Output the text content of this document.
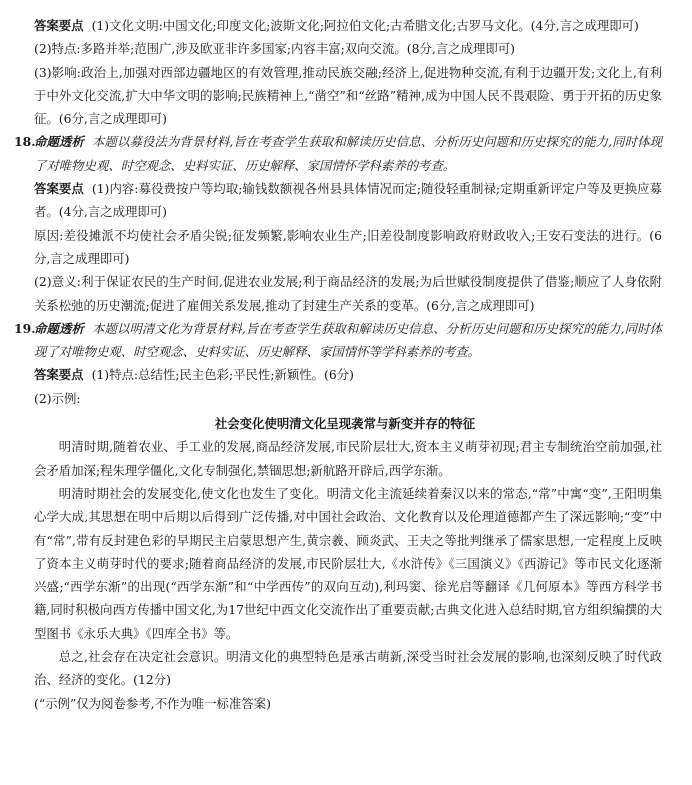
答案要点 (1)文化文明:中国文化;印度文化;波斯文化;阿拉伯文化;古希腊文化;古罗马文化。(4分,言之成理即可)

(2)特点:多路并举;范围广,涉及欧亚非许多国家;内容丰富;双向交流。(8分,言之成理即可)

(3)影响:政治上,加强对西部边疆地区的有效管理,推动民族交融;经济上,促进物种交流,有利于边疆开发;文化上,有利于中外文化交流,扩大中华文明的影响;民族精神上,“凿空”和“丝路”精神,成为中国人民不畏艰险、勇于开拓的历史象征。(6分,言之成理即可)

18.

命题透析 本题以募役法为背景材料,旨在考查学生获取和解读历史信息、分析历史问题和历史探究的能力,同时体现了对唯物史观、时空观念、史料实证、历史解释、家国情怀学科素养的考查。

答案要点 (1)内容:募役费按户等均取;输钱数额视各州县具体情况而定;随役轻重制禄;定期重新评定户等及更换应募者。(4分,言之成理即可)

原因:差役摊派不均使社会矛盾尖锐;征发频繁,影响农业生产;旧差役制度影响政府财政收入;王安石变法的进行。(6分,言之成理即可)

(2)意义:利于保证农民的生产时间,促进农业发展;利于商品经济的发展;为后世赋役制度提供了借鉴;顺应了人身依附关系松弛的历史潮流;促进了雇佣关系发展,推动了封建生产关系的变革。(6分,言之成理即可)

19.

命题透析 本题以明清文化为背景材料,旨在考查学生获取和解读历史信息、分析历史问题和历史探究的能力,同时体现了对唯物史观、时空观念、史料实证、历史解释、家国情怀等学科素养的考查。

答案要点 (1)特点:总结性;民主色彩;平民性;新颖性。(6分)

(2)示例:

社会变化使明清文化呈现袭常与新变并存的特征

明清时期,随着农业、手工业的发展,商品经济发展,市民阶层壮大,资本主义萌芽初现;君主专制统治空前加强,社会矛盾加深;程朱理学僵化,文化专制强化,禁锢思想;新航路开辟后,西学东渐。

明清时期社会的发展变化,使文化也发生了变化。明清文化主流延续着秦汉以来的常态,“常”中寓“变”,王阳明集心学大成,其思想在明中后期以后得到广泛传播,对中国社会政治、文化教育以及伦理道德都产生了深远影响;“变”中有“常”,带有反封建色彩的早期民主启蒙思想产生,黄宗羲、顾炎武、王夫之等批判继承了儒家思想,一定程度上反映了资本主义萌芽时代的要求;随着商品经济的发展,市民阶层壮大,《水浒传》《三国演义》《西游记》等市民文化逐渐兴盛;“西学东渐”的出现(“西学东渐”和“中学西传”的双向互动),利玛窦、徐光启等翻译《几何原本》等西方科学书籍,同时积极向西方传播中国文化,为17世纪中西文化交流作出了重要贡献;古典文化进入总结时期,官方组织编撰的大型图书《永乐大典》《四库全书》等。

总之,社会存在决定社会意识。明清文化的典型特色是承古萌新,深受当时社会发展的影响,也深刻反映了时代政治、经济的变化。(12分)

(“示例”仅为阅卷参考,不作为唯一标准答案)
